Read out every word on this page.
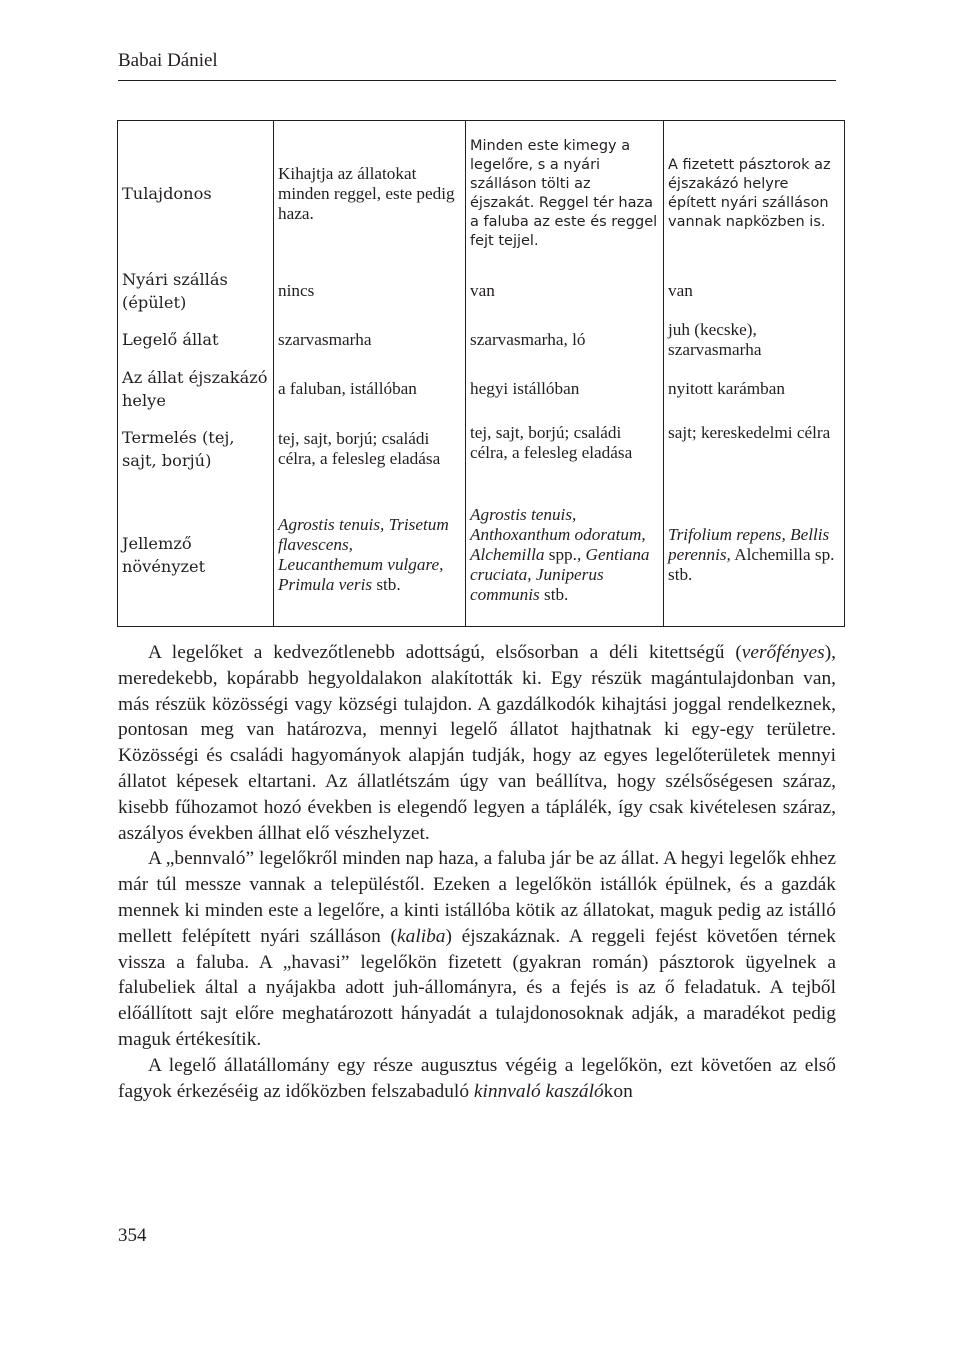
Babai Dániel
Tulajdonos	Kihajtja az állatokat minden reggel, este pedig haza.	Minden este kimegy a legelőre, s a nyári szálláson tölti az éjszakát. Reggel tér haza a faluba az este és reggel fejt tejjel.	A fizetett pásztorok az éjszakázó helyre épített nyári szálláson vannak napközben is.
Nyári szállás (épület)	nincs	van	van
Legelő állat	szarvasmarha	szarvasmarha, ló	juh (kecske), szarvasmarha
Az állat éjszakázó helye	a faluban, istállóban	hegyi istállóban	nyitott karámban
Termelés (tej, sajt, borjú)	tej, sajt, borjú; családi célra, a felesleg eladása	tej, sajt, borjú; családi célra, a felesleg eladása	sajt; kereskedelmi célra
Jellemző növényzet	Agrostis tenuis, Trisetum flavescens, Leucanthemum vulgare, Primula veris stb.	Agrostis tenuis, Anthoxanthum odoratum, Alchemilla spp., Gentiana cruciata, Juniperus communis stb.	Trifolium repens, Bellis perennis, Alchemilla sp. stb.

A legelőket a kedvezőtlenebb adottságú, elsősorban a déli kitettségű (verőfényes), meredekebb, kopárabb hegyoldalakon alakították ki. Egy részük magántulajdonban van, más részük közösségi vagy községi tulajdon. A gazdálkodók kihajtási joggal rendelkeznek, pontosan meg van határozva, mennyi legelő állatot hajthatnak ki egy-egy területre. Közösségi és családi hagyományok alapján tudják, hogy az egyes legelőterületek mennyi állatot képesek eltartani. Az állatlétszám úgy van beállítva, hogy szélsőségesen száraz, kisebb fűhozamot hozó években is elegendő legyen a táplálék, így csak kivételesen száraz, aszályos években állhat elő vészhelyzet.

A „bennvaló” legelőkről minden nap haza, a faluba jár be az állat. A hegyi legelők ehhez már túl messze vannak a településtől. Ezeken a legelőkön istállók épülnek, és a gazdák mennek ki minden este a legelőre, a kinti istállóba kötik az állatokat, maguk pedig az istálló mellett felépített nyári szálláson (kaliba) éjszakáznak. A reggeli fejést követően térnek vissza a faluba. A „havasi” legelőkön fizetett (gyakran román) pásztorok ügyelnek a falubeliek által a nyájakba adott juh-állományra, és a fejés is az ő feladatuk. A tejből előállított sajt előre meghatározott hányadát a tulajdonosoknak adják, a maradékot pedig maguk értékesítik.

A legelő állatállomány egy része augusztus végéig a legelőkön, ezt követően az első fagyok érkezéséig az időközben felszabaduló kinnvaló kaszálókon

354
